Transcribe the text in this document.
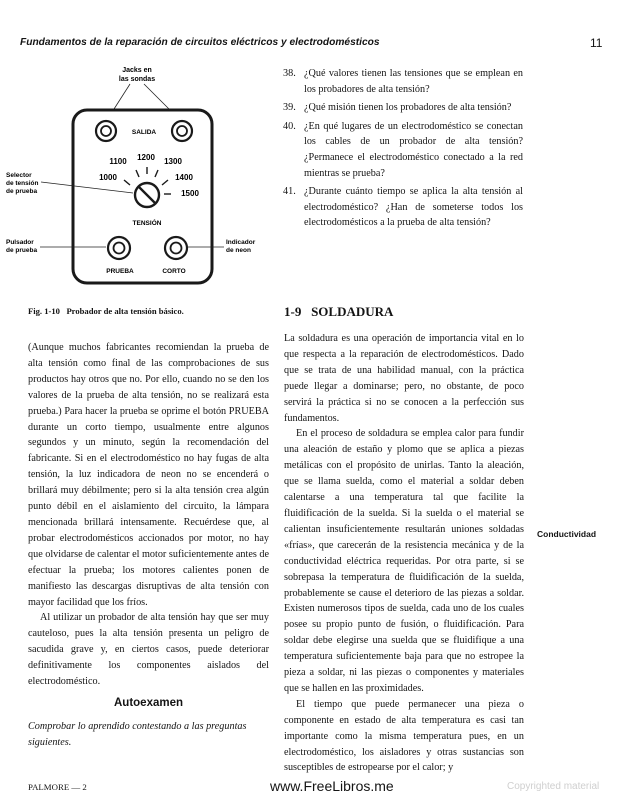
Fundamentos de la reparación de circuitos eléctricos y electrodomésticos	11
Jacks en
las sondas
SALIDA
1100 1200 1300
1000	1400
1500
TENSIÓN
PRUEBA	CORTO
Selector
de tensión
de prueba
Pulsador
de prueba
Indicador
de neon
Fig. 1-10 Probador de alta tensión básico.
38. ¿Qué valores tienen las tensiones que se emplean en los probadores de alta tensión?
39. ¿Qué misión tienen los probadores de alta tensión?
40. ¿En qué lugares de un electrodoméstico se conectan los cables de un probador de alta tensión? ¿Permanece el electrodoméstico conectado a la red mientras se prueba?
41. ¿Durante cuánto tiempo se aplica la alta tensión al electrodoméstico? ¿Han de someterse todos los electrodomésticos a la prueba de alta tensión?
1-9   SOLDADURA

(Aunque muchos fabricantes recomiendan la prueba de alta tensión como final de las comprobaciones de sus productos hay otros que no. Por ello, cuando no se den los valores de la prueba de alta tensión, no se realizará esta prueba.) Para hacer la prueba se oprime el botón PRUEBA durante un corto tiempo, usualmente entre algunos segundos y un minuto, según la recomendación del fabricante. Si en el electrodoméstico no hay fugas de alta tensión, la luz indicadora de neon no se encenderá o brillará muy débilmente; pero si la alta tensión crea algún punto débil en el aislamiento del circuito, la lámpara mencionada brillará intensamente. Recuérdese que, al probar electrodomésticos accionados por motor, no hay que olvidarse de calentar el motor suficientemente antes de efectuar la prueba; los motores calientes ponen de manifiesto las descargas disruptivas de alta tensión con mayor facilidad que los fríos.

Al utilizar un probador de alta tensión hay que ser muy cauteloso, pues la alta tensión presenta un peligro de sacudida grave y, en ciertos casos, puede deteriorar definitivamente los componentes aislados del electrodoméstico.

Autoexamen

Comprobar lo aprendido contestando a las preguntas siguientes.

La soldadura es una operación de importancia vital en lo que respecta a la reparación de electrodomésticos. Dado que se trata de una habilidad manual, con la práctica puede llegar a dominarse; pero, no obstante, de poco servirá la práctica si no se conocen a la perfección sus fundamentos.

En el proceso de soldadura se emplea calor para fundir una aleación de estaño y plomo que se aplica a piezas metálicas con el propósito de unirlas. Tanto la aleación, que se llama suelda, como el material a soldar deben calentarse a una temperatura tal que facilite la fluidificación de la suelda. Si la suelda o el material se calientan insuficientemente resultarán uniones soldadas «frías», que carecerán de la resistencia mecánica y de la conductividad eléctrica requeridas. Por otra parte, si se sobrepasa la temperatura de fluidificación de la suelda, probablemente se cause el deterioro de las piezas a soldar. Existen numerosos tipos de suelda, cada uno de los cuales posee su propio punto de fusión, o fluidificación. Para soldar debe elegirse una suelda que se fluidifique a una temperatura suficientemente baja para que no estropee la pieza a soldar, ni las piezas o componentes y materiales que se hallen en las proximidades.

El tiempo que puede permanecer una pieza o componente en estado de alta temperatura es casi tan importante como la misma temperatura pues, en un electrodoméstico, los aisladores y otras sustancias son susceptibles de estropearse por el calor; y

Conductividad
PALMORE — 2	www.FreeLibros.me	Copyrighted material
